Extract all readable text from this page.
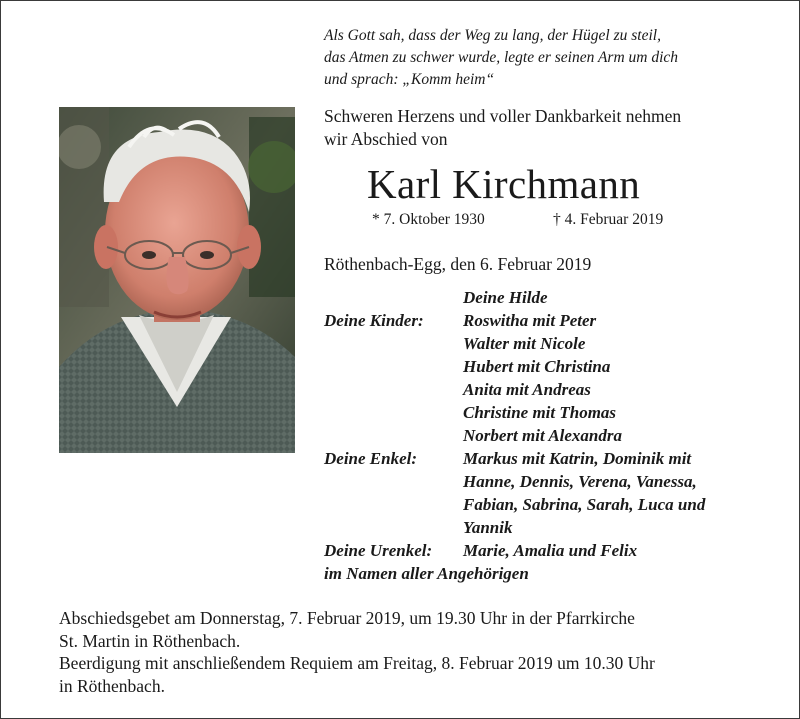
Als Gott sah, dass der Weg zu lang, der Hügel zu steil,
das Atmen zu schwer wurde, legte er seinen Arm um dich
und sprach: „Komm heim“
Schweren Herzens und voller Dankbarkeit nehmen
wir Abschied von
Karl Kirchmann
* 7. Oktober 1930	† 4. Februar 2019
Röthenbach-Egg, den 6. Februar 2019
Deine Hilde
Deine Kinder:	Roswitha mit Peter
Walter mit Nicole
Hubert mit Christina
Anita mit Andreas
Christine mit Thomas
Norbert mit Alexandra
Deine Enkel:	Markus mit Katrin, Dominik mit
Hanne, Dennis, Verena, Vanessa,
Fabian, Sabrina, Sarah, Luca und
Yannik
Deine Urenkel:	Marie, Amalia und Felix
im Namen aller Angehörigen
Abschiedsgebet am Donnerstag, 7. Februar 2019, um 19.30 Uhr in der Pfarrkirche
St. Martin in Röthenbach.
Beerdigung mit anschließendem Requiem am Freitag, 8. Februar 2019 um 10.30 Uhr
in Röthenbach.
